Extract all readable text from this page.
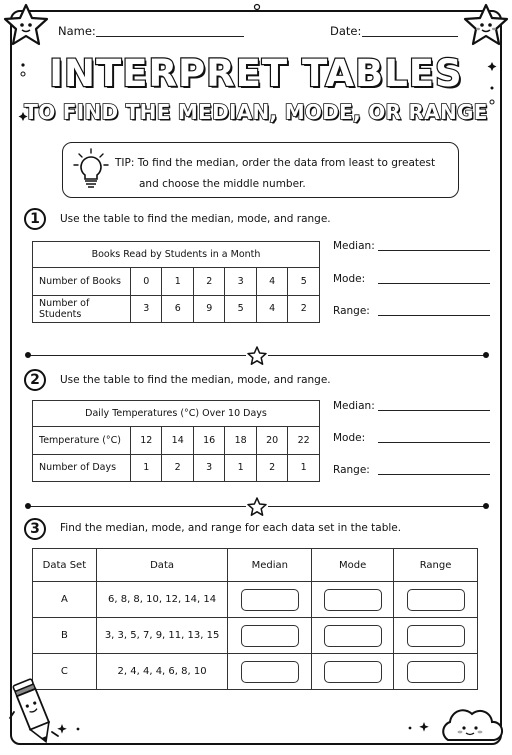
Name:	Date:
INTERPRET TABLES
TO FIND THE MEDIAN, MODE, OR RANGE
TIP: To find the median, order the data from least to greatest
and choose the middle number.
1	Use the table to find the median, mode, and range.
Books Read by Students in a Month						
Number of Books	0	1	2	3	4	5
Number of Students	3	6	9	5	4	2
Median:
Mode:
Range:
2	Use the table to find the median, mode, and range.
Daily Temperatures (°C) Over 10 Days						
Temperature (°C)	12	14	16	18	20	22
Number of Days	1	2	3	1	2	1
Median:
Mode:
Range:
3	Find the median, mode, and range for each data set in the table.
Data Set	Data	Median	Mode	Range
A	6, 8, 8, 10, 12, 14, 14			
B	3, 3, 5, 7, 9, 11, 13, 15			
C	2, 4, 4, 4, 6, 8, 10			
